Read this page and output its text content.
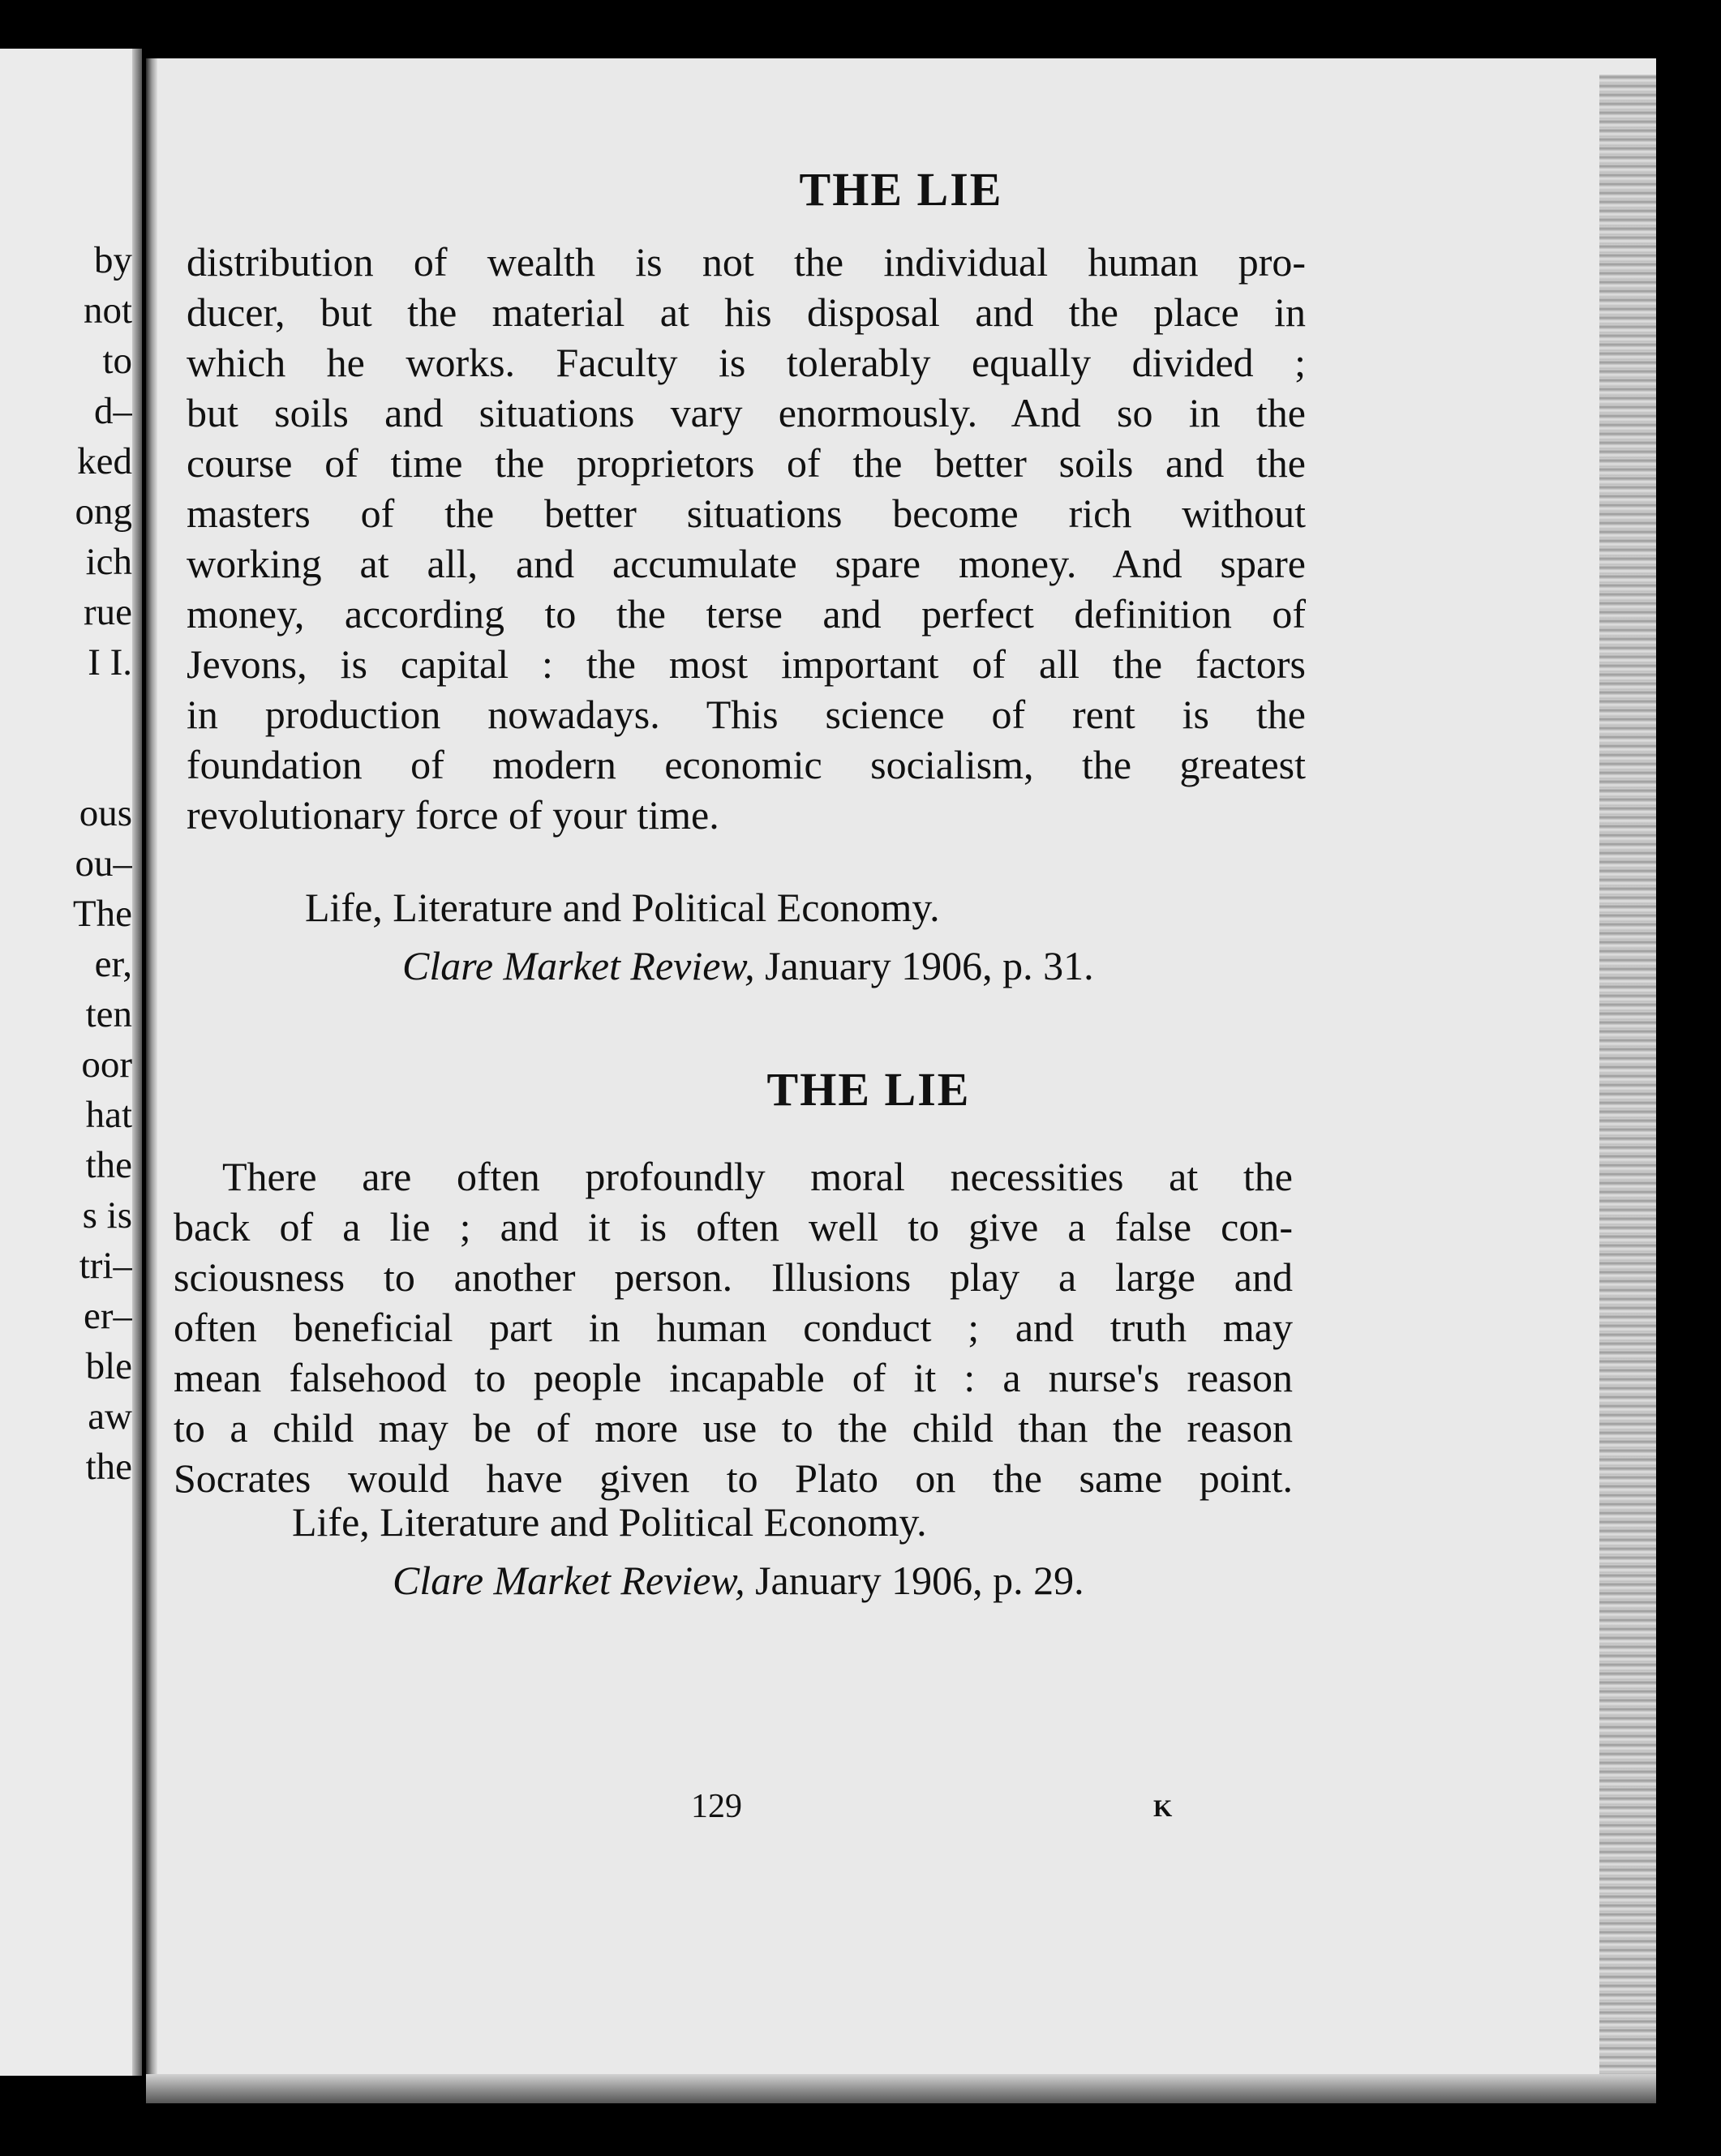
by
not
to
d–
ked
ong
ich
rue
I I.
ous
ou–
The
er,
ten
oor
hat
the
s is
tri–
er–
ble
aw
the
THE LIE
distribution of wealth is not the individual human pro-
ducer, but the material at his disposal and the place in
which he works. Faculty is tolerably equally divided ;
but soils and situations vary enormously. And so in the
course of time the proprietors of the better soils and the
masters of the better situations become rich without
working at all, and accumulate spare money. And spare
money, according to the terse and perfect definition of
Jevons, is capital : the most important of all the factors
in production nowadays. This science of rent is the
foundation of modern economic socialism, the greatest
revolutionary force of your time.
Life, Literature and Political Economy.
Clare Market Review, January 1906, p. 31.
THE LIE
There are often profoundly moral necessities at the
back of a lie ; and it is often well to give a false con-
sciousness to another person. Illusions play a large and
often beneficial part in human conduct ; and truth may
mean falsehood to people incapable of it : a nurse's reason
to a child may be of more use to the child than the reason
Socrates would have given to Plato on the same point.
Life, Literature and Political Economy.
Clare Market Review, January 1906, p. 29.
129	K
